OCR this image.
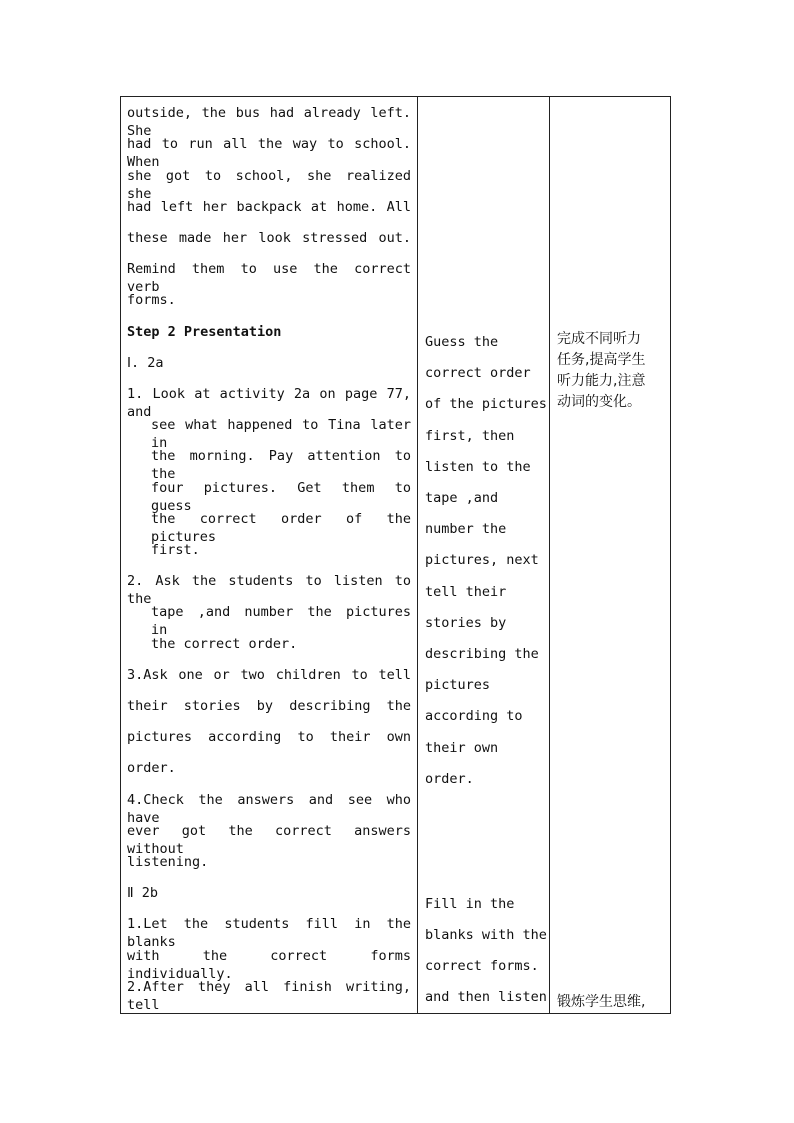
outside, the bus had already left. She
had to run all the way to school. When
she got to school, she realized she
had left her backpack at home. All
these made her look stressed out.
Remind them to use the correct verb
forms.
Step 2 Presentation
Ⅰ. 2a
1. Look at activity 2a on page 77, and
see what happened to Tina later in
the morning. Pay attention to the
four pictures. Get them to guess
the correct order of the pictures
first.
2. Ask the students to listen to the
tape ,and number the pictures in
the correct order.
3.Ask one or two children to tell
their stories by describing the
pictures according to their own
order.
4.Check the answers and see who have
ever got the correct answers without
listening.
Ⅱ 2b
1.Let the students fill in the blanks
with the correct forms individually.
2.After they all finish writing, tell
Guess the
correct order
of the pictures
first, then
listen to the
tape ,and
number the
pictures, next
tell their
stories by
describing the
pictures
according to
their own
order.
Fill in the
blanks with the
correct forms.
and then listen
完成不同听力
任务,提高学生
听力能力,注意
动词的变化。
锻炼学生思维,
